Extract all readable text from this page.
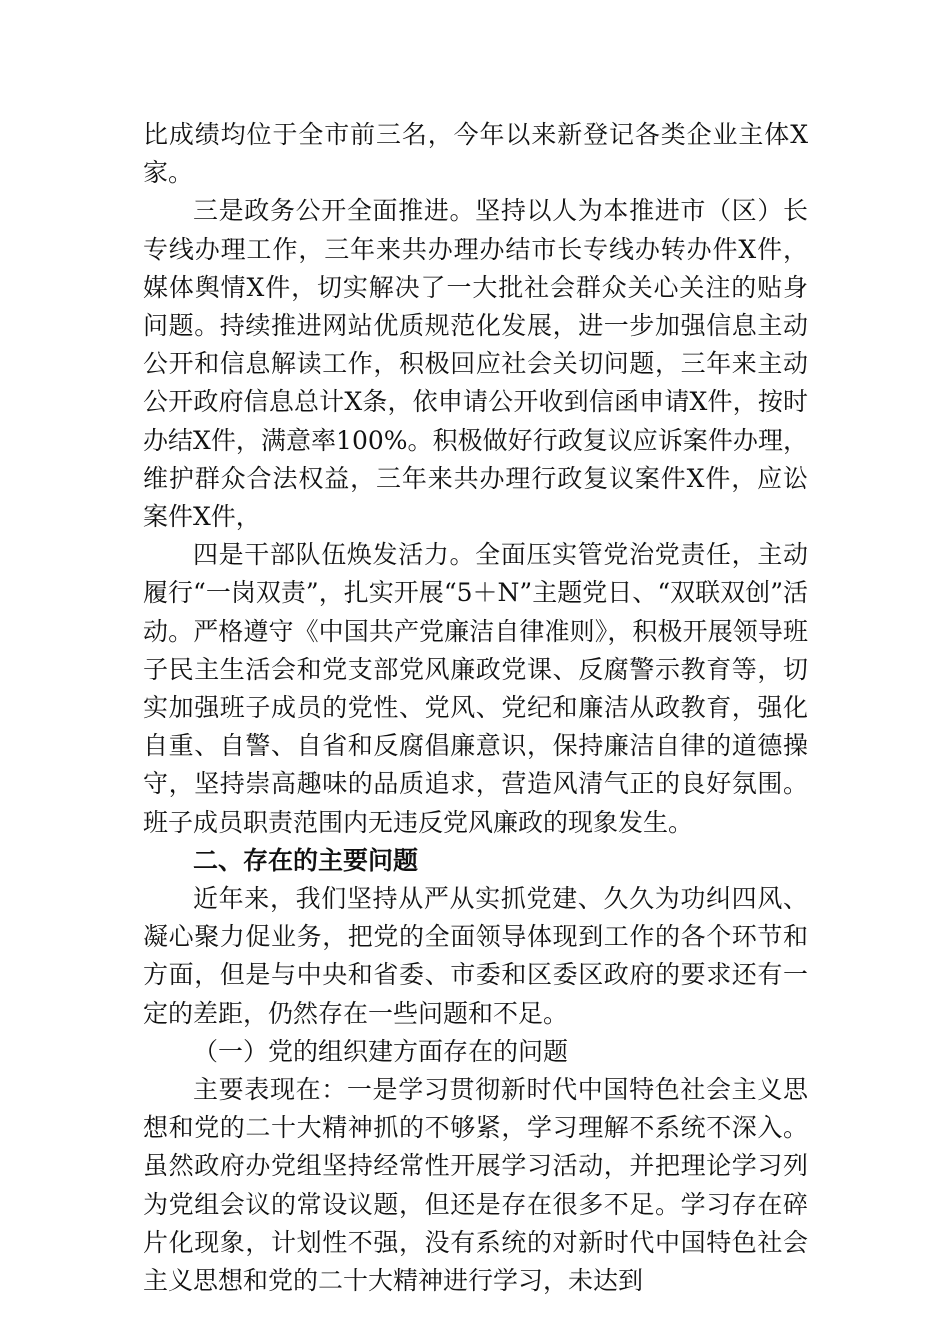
比成绩均位于全市前三名，今年以来新登记各类企业主体X家。

三是政务公开全面推进。坚持以人为本推进市（区）长专线办理工作，三年来共办理办结市长专线办转办件X件，媒体舆情X件，切实解决了一大批社会群众关心关注的贴身问题。持续推进网站优质规范化发展，进一步加强信息主动公开和信息解读工作，积极回应社会关切问题，三年来主动公开政府信息总计X条，依申请公开收到信函申请X件，按时办结X件，满意率100%。积极做好行政复议应诉案件办理，维护群众合法权益，三年来共办理行政复议案件X件，应讼案件X件，

四是干部队伍焕发活力。全面压实管党治党责任，主动履行“一岗双责”，扎实开展“5＋N”主题党日、“双联双创”活动。严格遵守《中国共产党廉洁自律准则》，积极开展领导班子民主生活会和党支部党风廉政党课、反腐警示教育等，切实加强班子成员的党性、党风、党纪和廉洁从政教育，强化自重、自警、自省和反腐倡廉意识，保持廉洁自律的道德操守，坚持崇高趣味的品质追求，营造风清气正的良好氛围。班子成员职责范围内无违反党风廉政的现象发生。

二、存在的主要问题

近年来，我们坚持从严从实抓党建、久久为功纠四风、凝心聚力促业务，把党的全面领导体现到工作的各个环节和方面，但是与中央和省委、市委和区委区政府的要求还有一定的差距，仍然存在一些问题和不足。

（一）党的组织建方面存在的问题

主要表现在：一是学习贯彻新时代中国特色社会主义思想和党的二十大精神抓的不够紧，学习理解不系统不深入。虽然政府办党组坚持经常性开展学习活动，并把理论学习列为党组会议的常设议题，但还是存在很多不足。学习存在碎片化现象，计划性不强，没有系统的对新时代中国特色社会主义思想和党的二十大精神进行学习，未达到
